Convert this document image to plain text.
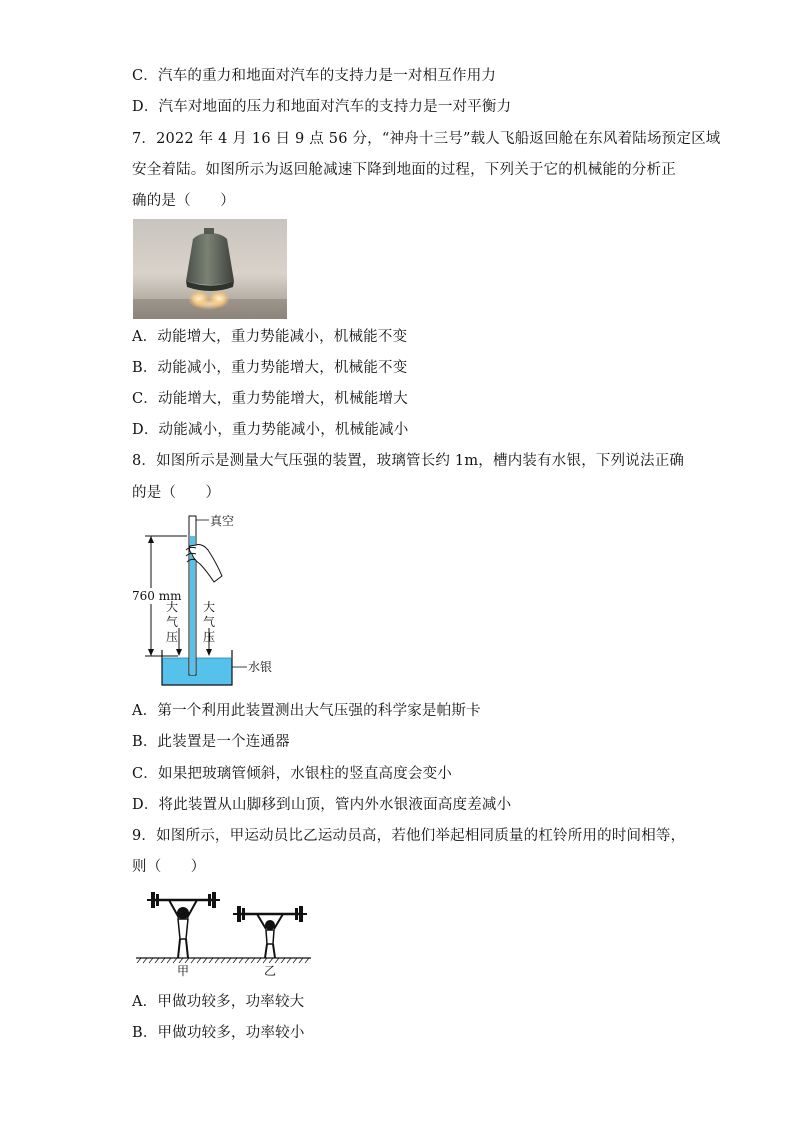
C．汽车的重力和地面对汽车的支持力是一对相互作用力
D．汽车对地面的压力和地面对汽车的支持力是一对平衡力
7．2022 年 4 月 16 日 9 点 56 分，“神舟十三号”载人飞船返回舱在东风着陆场预定区域
安全着陆。如图所示为返回舱减速下降到地面的过程，下列关于它的机械能的分析正
确的是（　　）
A．动能增大，重力势能减小，机械能不变
B．动能减小，重力势能增大，机械能不变
C．动能增大，重力势能增大，机械能增大
D．动能减小，重力势能减小，机械能减小
8．如图所示是测量大气压强的装置，玻璃管长约 1m，槽内装有水银，下列说法正确
的是（　　）
760 mm
真空
大
气
压
大
气
压
水银
A．第一个利用此装置测出大气压强的科学家是帕斯卡
B．此装置是一个连通器
C．如果把玻璃管倾斜，水银柱的竖直高度会变小
D．将此装置从山脚移到山顶，管内外水银液面高度差减小
9．如图所示，甲运动员比乙运动员高，若他们举起相同质量的杠铃所用的时间相等，
则（　　）
甲	乙
A．甲做功较多，功率较大
B．甲做功较多，功率较小
